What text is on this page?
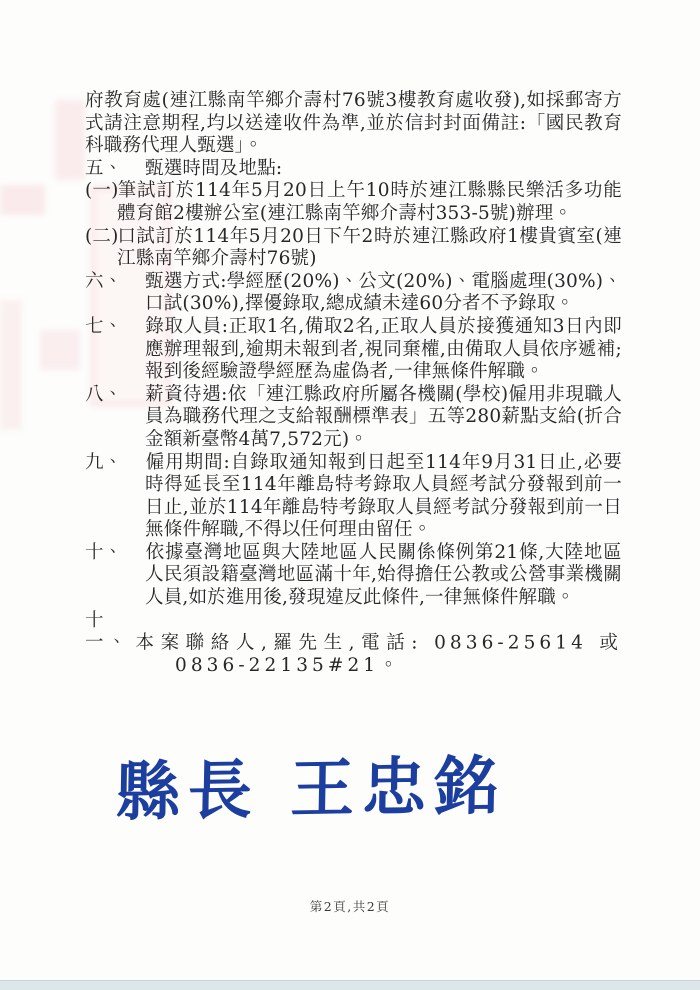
府教育處(連江縣南竿鄉介壽村76號3樓教育處收發),如採郵寄方式請注意期程,均以送達收件為準,並於信封封面備註:「國民教育科職務代理人甄選」。

五、 甄選時間及地點:

(一)筆試訂於114年5月20日上午10時於連江縣縣民樂活多功能體育館2樓辦公室(連江縣南竿鄉介壽村353-5號)辦理。

(二)口試訂於114年5月20日下午2時於連江縣政府1樓貴賓室(連江縣南竿鄉介壽村76號)

六、 甄選方式:學經歷(20%)、公文(20%)、電腦處理(30%)、口試(30%),擇優錄取,總成績未達60分者不予錄取。

七、 錄取人員:正取1名,備取2名,正取人員於接獲通知3日內即應辦理報到,逾期未報到者,視同棄權,由備取人員依序遞補;報到後經驗證學經歷為虛偽者,一律無條件解職。

八、 薪資待遇:依「連江縣政府所屬各機關(學校)僱用非現職人員為職務代理之支給報酬標準表」五等280薪點支給(折合金額新臺幣4萬7,572元)。

九、 僱用期間:自錄取通知報到日起至114年9月31日止,必要時得延長至114年離島特考錄取人員經考試分發報到前一日止,並於114年離島特考錄取人員經考試分發報到前一日無條件解職,不得以任何理由留任。

十、 依據臺灣地區與大陸地區人民關係條例第21條,大陸地區人民須設籍臺灣地區滿十年,始得擔任公教或公營事業機關人員,如於進用後,發現違反此條件,一律無條件解職。

十一、 本案聯絡人,羅先生,電話: 0836-25614 或 0836-22135#21。

縣長 王忠銘
第2頁,共2頁
